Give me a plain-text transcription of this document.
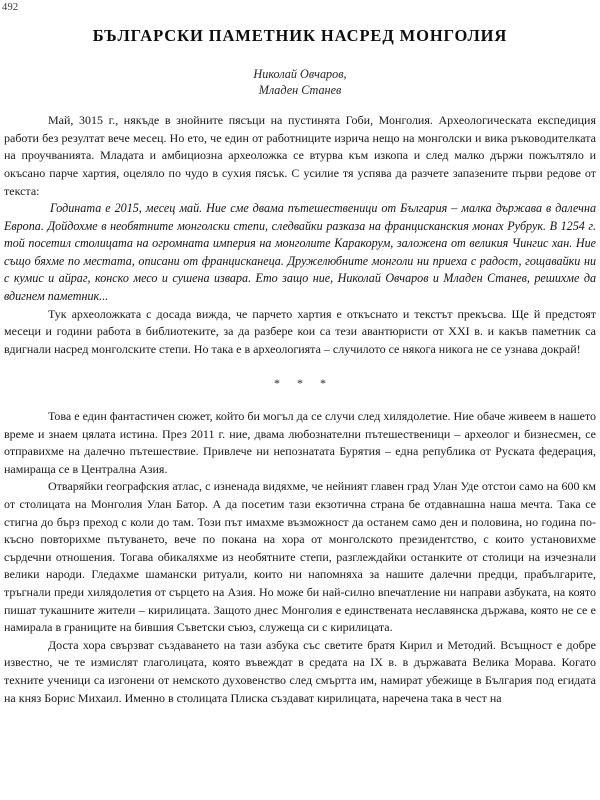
492
БЪЛГАРСКИ ПАМЕТНИК НАСРЕД МОНГОЛИЯ
Николай Овчаров,
Младен Станев

Май, 3015 г., някъде в знойните пясъци на пустинята Гоби, Монголия. Археологическата експедиция работи без резултат вече месец. Но ето, че един от работниците изрича нещо на монголски и вика ръководителката на проучванията. Младата и амбициозна археоложка се втурва към изкопа и след малко държи пожълтяло и окъсано парче хартия, оцеляло по чудо в сухия пясък. С усилие тя успява да разчете запазените първи редове от текста:

Годината е 2015, месец май. Ние сме двама пътешественици от България – малка държава в далечна Европа. Дойдохме в необятните монголски степи, следвайки разказа на францисканския монах Рубрук. В 1254 г. той посетил столицата на огромната империя на монголите Каракорум, заложена от великия Чингис хан. Ние също бяхме по местата, описани от францисканеца. Дружелюбните монголи ни приеха с радост, гощавайки ни с кумис и айраг, конско месо и сушена извара. Ето защо ние, Николай Овчаров и Младен Станев, решихме да вдигнем паметник...

Тук археоложката с досада вижда, че парчето хартия е откъснато и текстът прекъсва. Ще й предстоят месеци и години работа в библиотеките, за да разбере кои са тези авантюристи от XXI в. и какъв паметник са вдигнали насред монголските степи. Но така е в археологията – случилото се някога никога не се узнава докрай!

* * *

Това е един фантастичен сюжет, който би могъл да се случи след хилядолетие. Ние обаче живеем в нашето време и знаем цялата истина. През 2011 г. ние, двама любознателни пътешественици – археолог и бизнесмен, се отправихме на далечно пътешествие. Привлече ни непознатата Бурятия – една република от Руската федерация, намираща се в Централна Азия.

Отваряйки географския атлас, с изненада видяхме, че нейният главен град Улан Уде отстои само на 600 км от столицата на Монголия Улан Батор. А да посетим тази екзотична страна бе отдавнашна наша мечта. Така се стигна до бърз преход с коли до там. Този път имахме възможност да останем само ден и половина, но година по-късно повторихме пътуването, вече по покана на хора от монголското президентство, с които установихме сърдечни отношения. Тогава обикаляхме из необятните степи, разглеждайки останките от столици на изчезнали велики народи. Гледахме шамански ритуали, които ни напомняха за нашите далечни предци, прабългарите, тръгнали преди хилядолетия от сърцето на Азия. Но може би най-силно впечатление ни направи азбуката, на която пишат тукашните жители – кирилицата. Защото днес Монголия е единствената неславянска държава, която не се е намирала в границите на бившия Съветски съюз, служеща си с кирилицата.

Доста хора свързват създаването на тази азбука със светите братя Кирил и Методий. Всъщност е добре известно, че те измислят глаголицата, която въвеждат в средата на IX в. в държавата Велика Морава. Когато техните ученици са изгонени от немското духовенство след смъртта им, намират убежище в България под егидата на княз Борис Михаил. Именно в столицата Плиска създават кирилицата, наречена така в чест на
